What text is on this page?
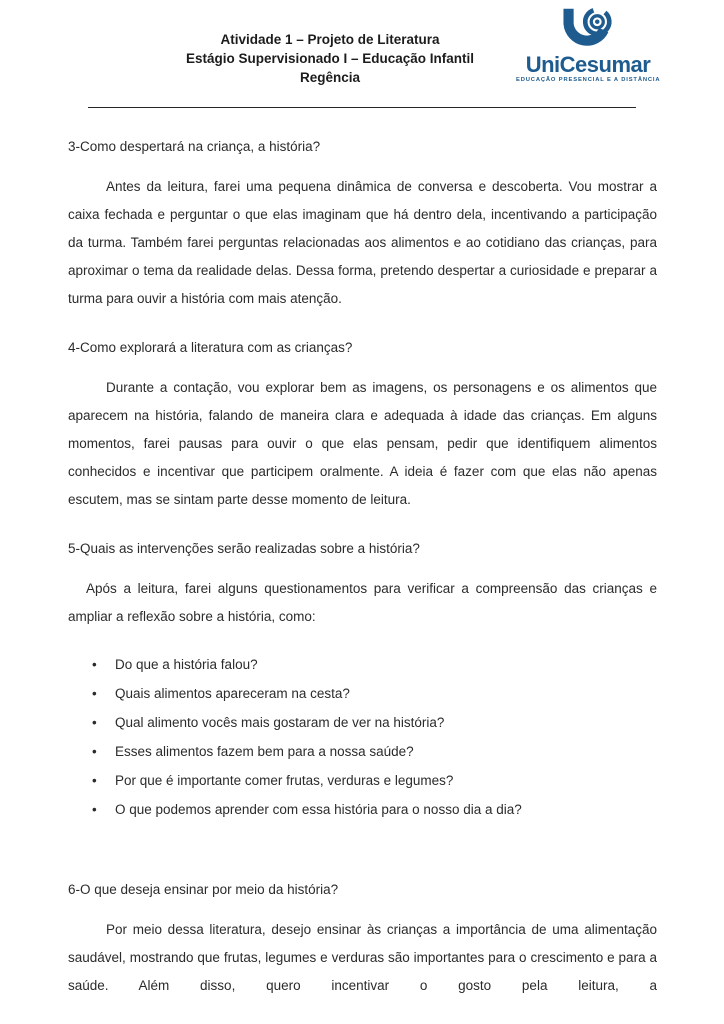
Atividade 1 – Projeto de Literatura
Estágio Supervisionado I – Educação Infantil
Regência
UniCesumar
EDUCAÇÃO PRESENCIAL E A DISTÂNCIA
3-Como despertará na criança, a história?

Antes da leitura, farei uma pequena dinâmica de conversa e descoberta. Vou mostrar a caixa fechada e perguntar o que elas imaginam que há dentro dela, incentivando a participação da turma. Também farei perguntas relacionadas aos alimentos e ao cotidiano das crianças, para aproximar o tema da realidade delas. Dessa forma, pretendo despertar a curiosidade e preparar a turma para ouvir a história com mais atenção.

4-Como explorará a literatura com as crianças?

Durante a contação, vou explorar bem as imagens, os personagens e os alimentos que aparecem na história, falando de maneira clara e adequada à idade das crianças. Em alguns momentos, farei pausas para ouvir o que elas pensam, pedir que identifiquem alimentos conhecidos e incentivar que participem oralmente. A ideia é fazer com que elas não apenas escutem, mas se sintam parte desse momento de leitura.

5-Quais as intervenções serão realizadas sobre a história?

Após a leitura, farei alguns questionamentos para verificar a compreensão das crianças e ampliar a reflexão sobre a história, como:

• Do que a história falou?
• Quais alimentos apareceram na cesta?
• Qual alimento vocês mais gostaram de ver na história?
• Esses alimentos fazem bem para a nossa saúde?
• Por que é importante comer frutas, verduras e legumes?
• O que podemos aprender com essa história para o nosso dia a dia?
6-O que deseja ensinar por meio da história?

Por meio dessa literatura, desejo ensinar às crianças a importância de uma alimentação saudável, mostrando que frutas, legumes e verduras são importantes para o crescimento e para a saúde. Além disso, quero incentivar o gosto pela leitura, a
